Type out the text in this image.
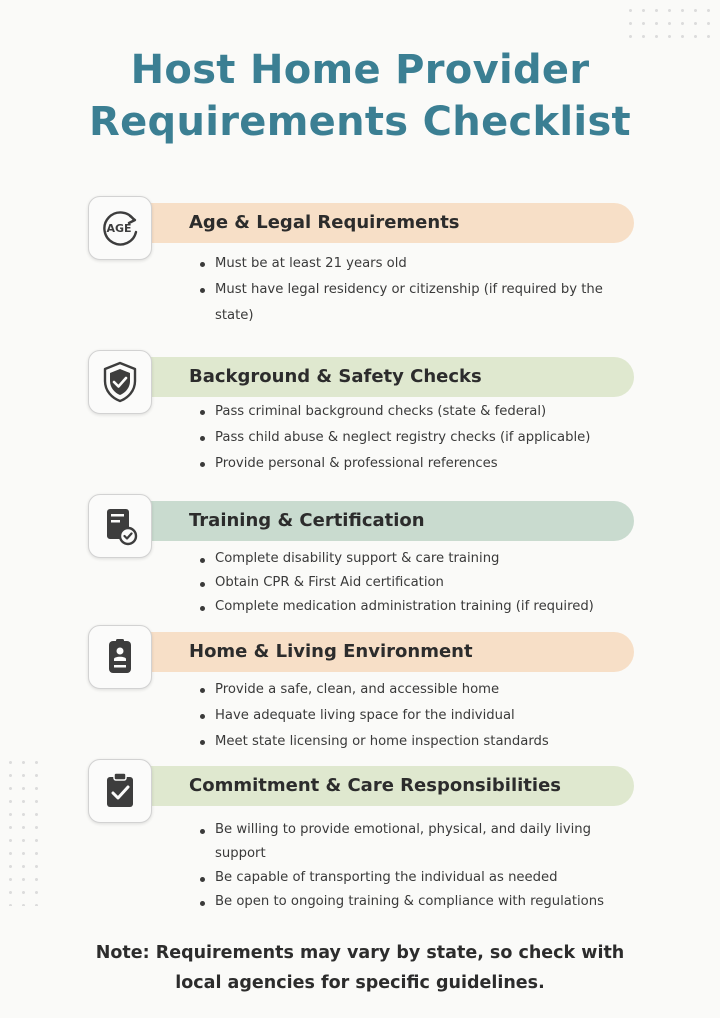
Host Home Provider
Requirements Checklist
AGE	Age & Legal Requirements
Must be at least 21 years old
Must have legal residency or citizenship (if required by the state)
Background & Safety Checks
Pass criminal background checks (state & federal)
Pass child abuse & neglect registry checks (if applicable)
Provide personal & professional references
Training & Certification
Complete disability support & care training
Obtain CPR & First Aid certification
Complete medication administration training (if required)
Home & Living Environment
Provide a safe, clean, and accessible home
Have adequate living space for the individual
Meet state licensing or home inspection standards
Commitment & Care Responsibilities
Be willing to provide emotional, physical, and daily living support
Be capable of transporting the individual as needed
Be open to ongoing training & compliance with regulations

Note: Requirements may vary by state, so check with
local agencies for specific guidelines.
